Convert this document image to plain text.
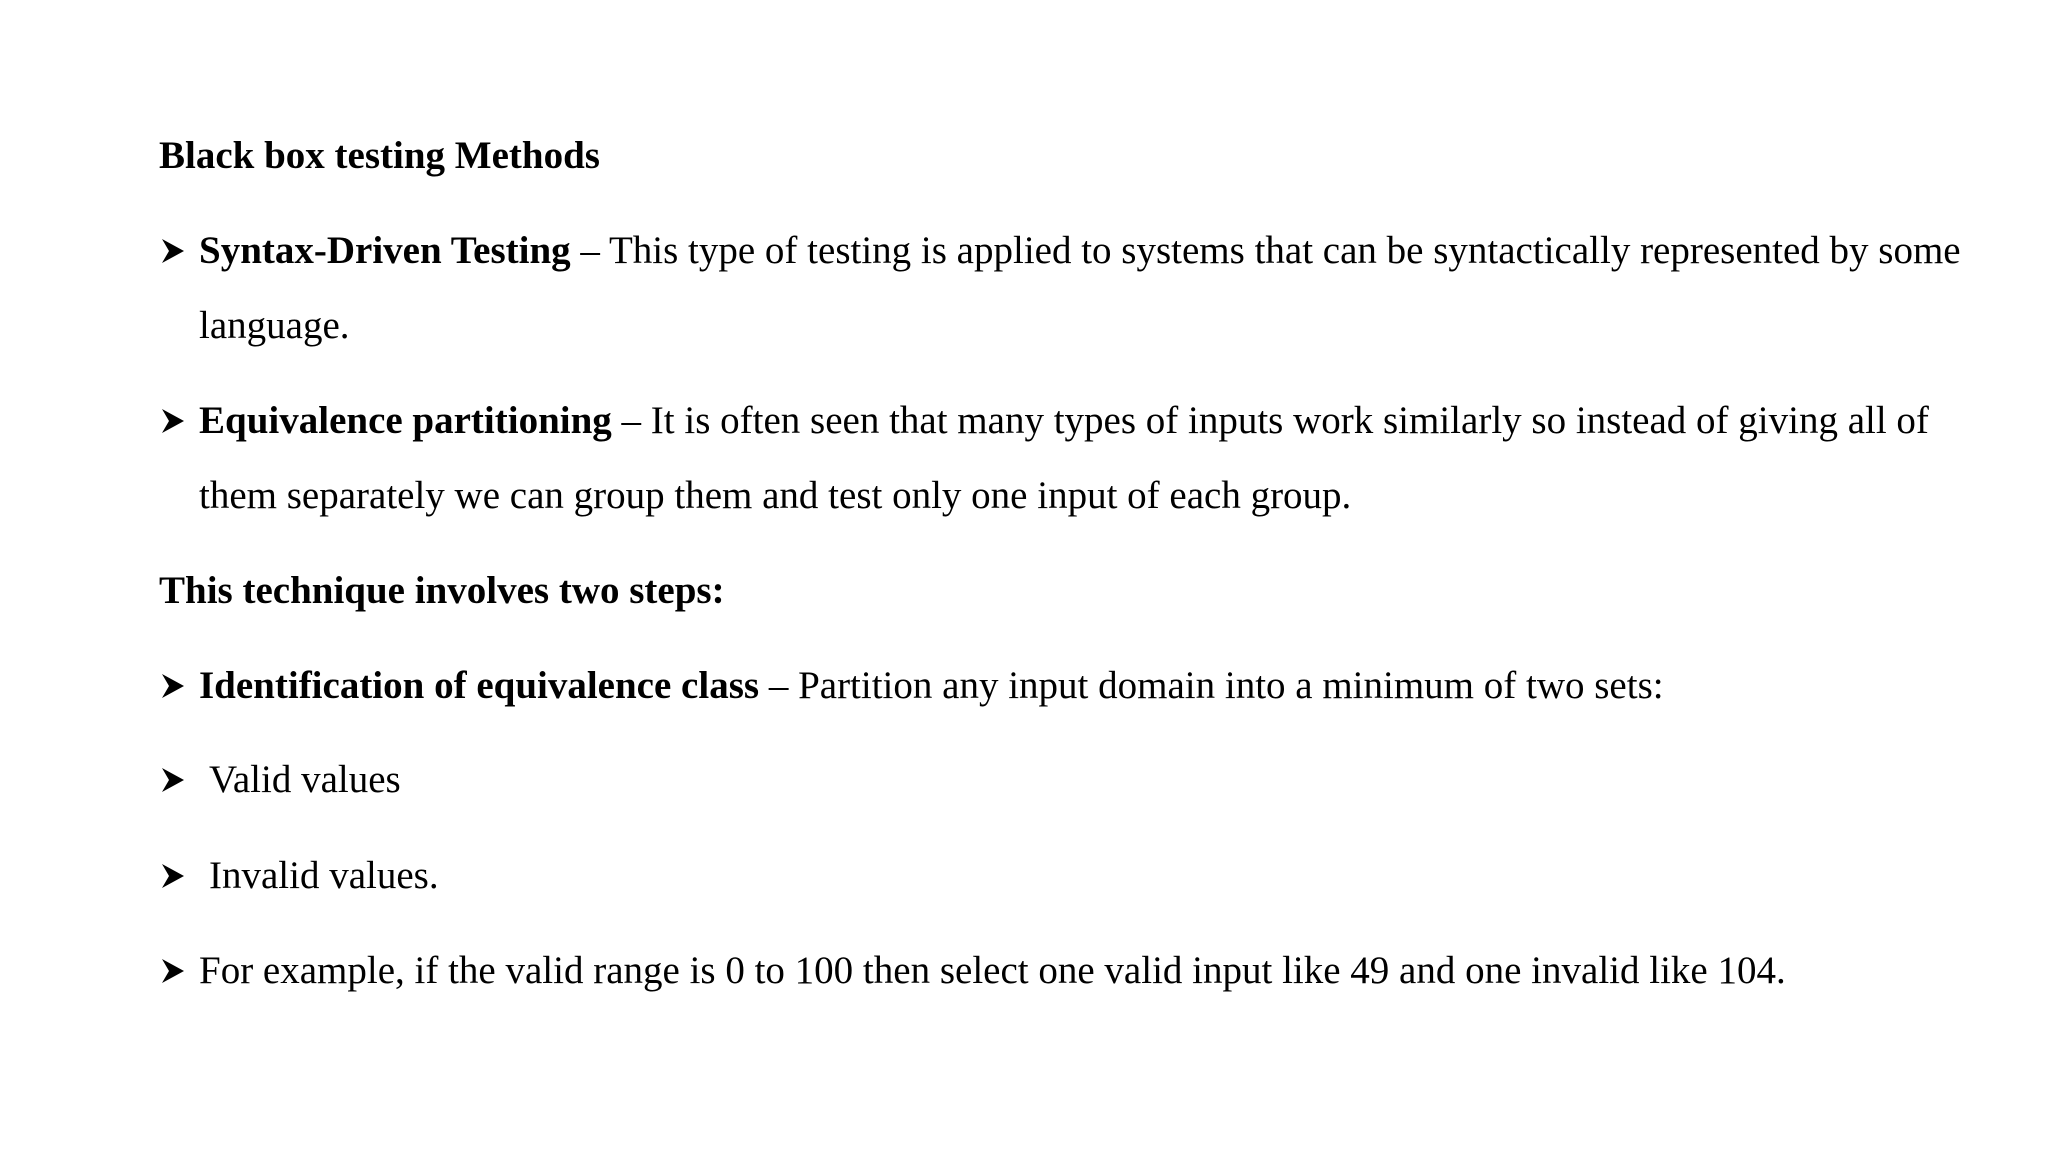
Black box testing Methods

Syntax-Driven Testing – This type of testing is applied to systems that can be syntactically represented by some language.

Equivalence partitioning – It is often seen that many types of inputs work similarly so instead of giving all of them separately we can group them and test only one input of each group.

This technique involves two steps:

Identification of equivalence class – Partition any input domain into a minimum of two sets:

Valid values

Invalid values.

For example, if the valid range is 0 to 100 then select one valid input like 49 and one invalid like 104.
